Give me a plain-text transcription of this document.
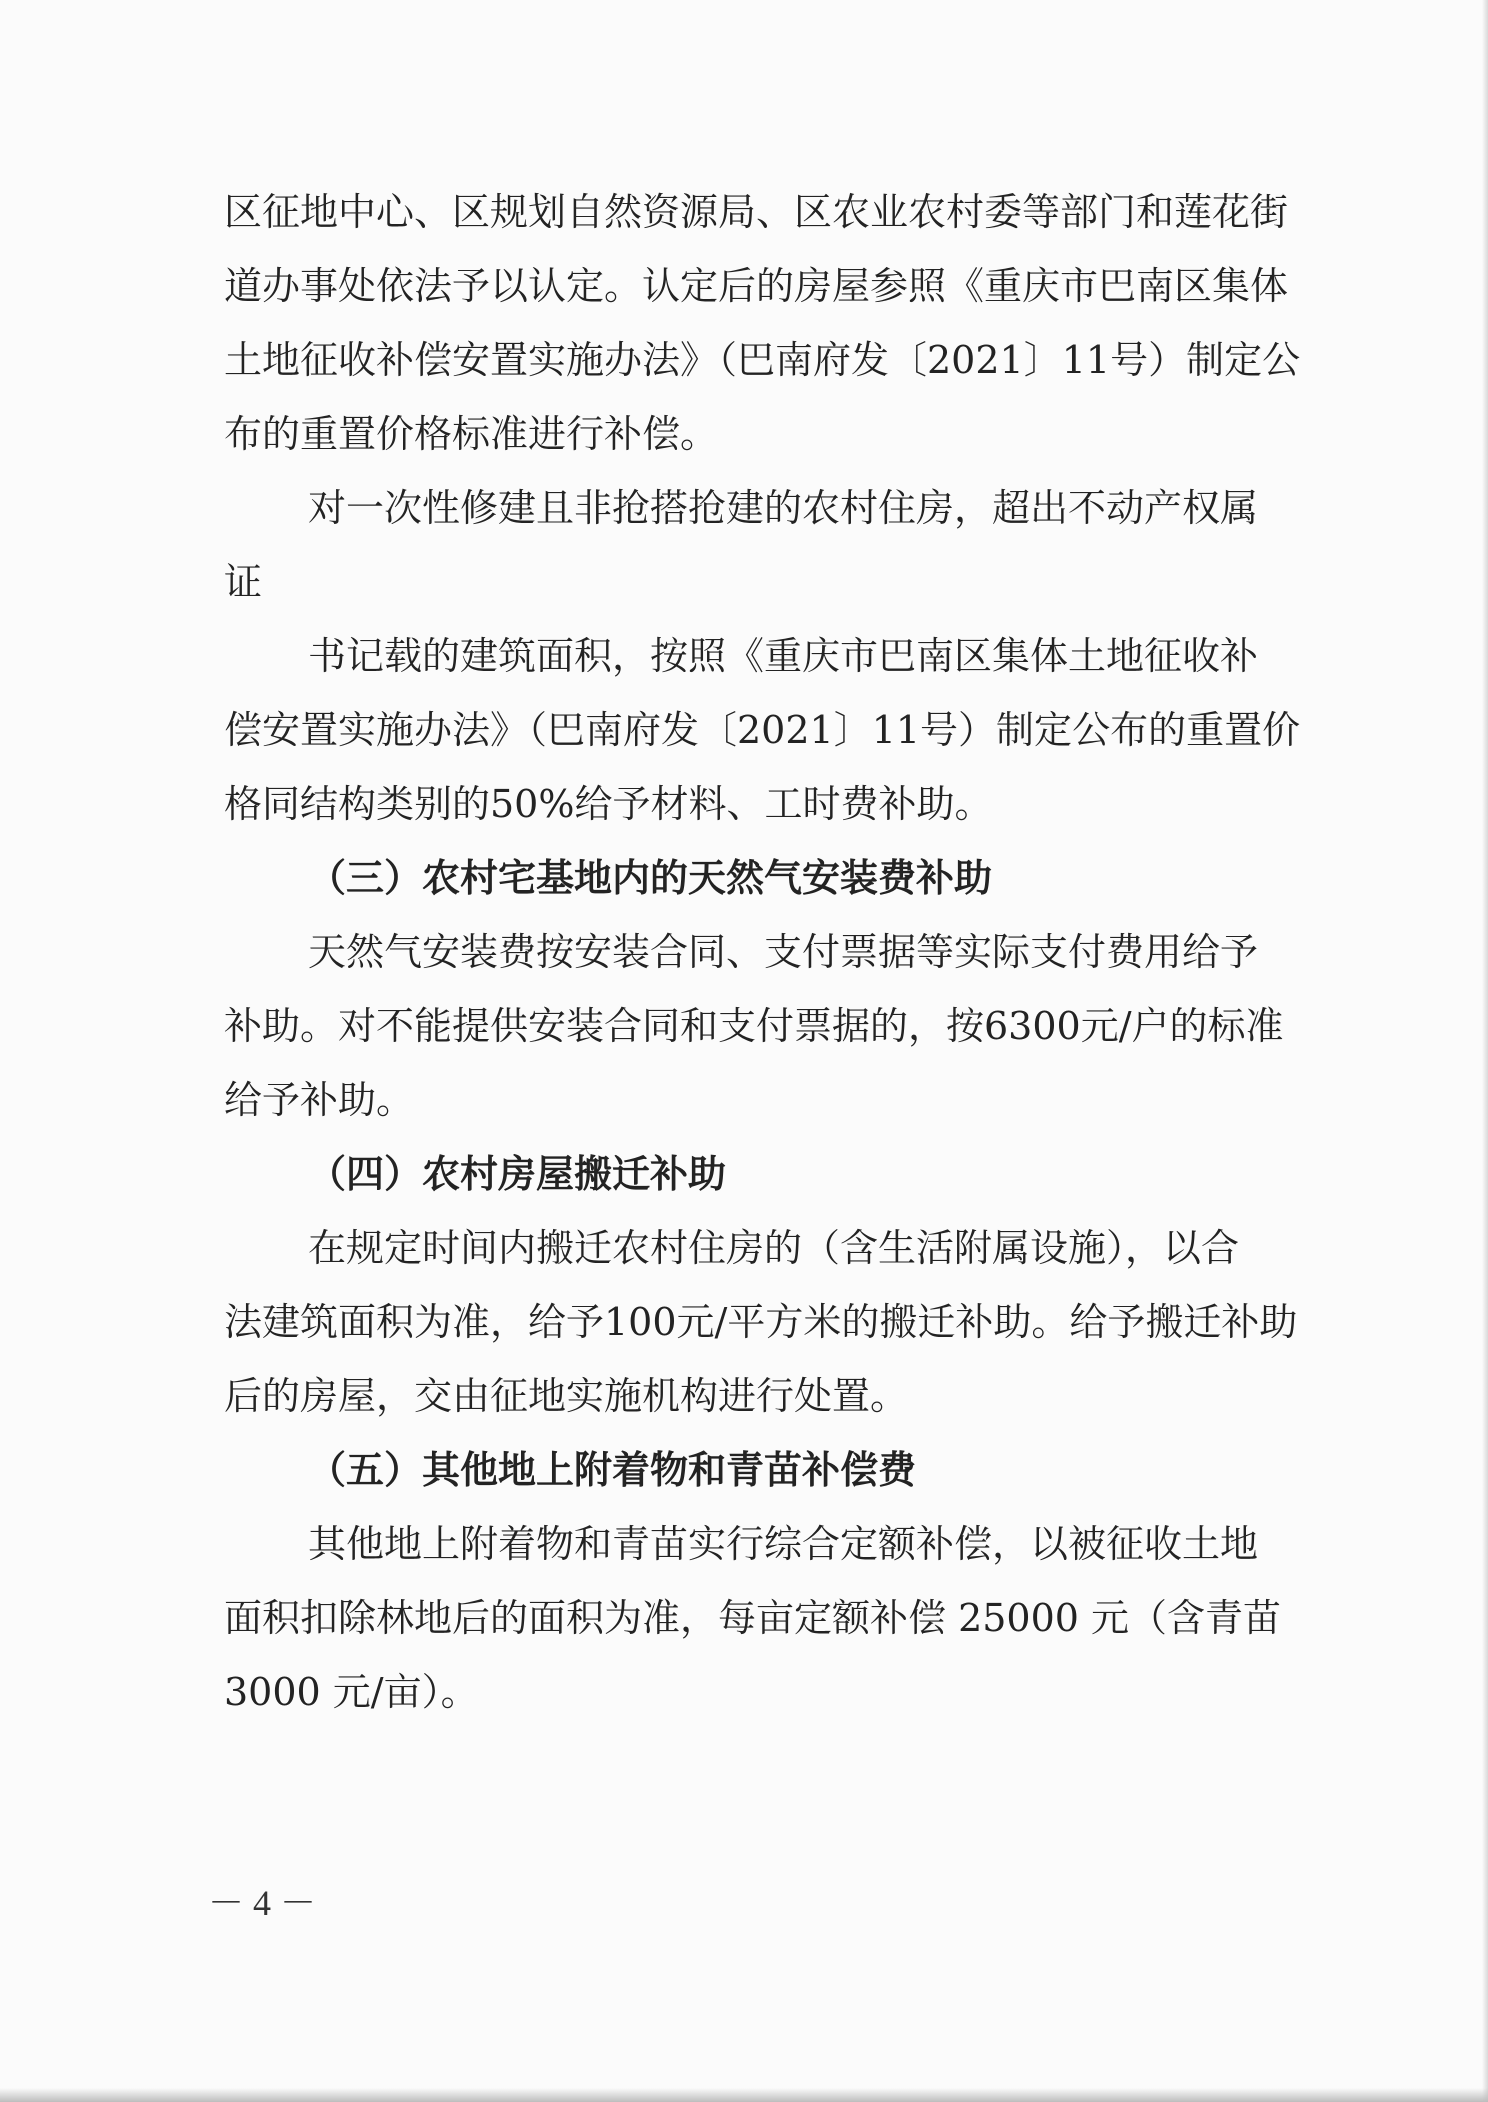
区征地中心、区规划自然资源局、区农业农村委等部门和莲花街

道办事处依法予以认定。认定后的房屋参照《重庆市巴南区集体

土地征收补偿安置实施办法》（巴南府发〔2021〕11号）制定公

布的重置价格标准进行补偿。

对一次性修建且非抢搭抢建的农村住房，超出不动产权属

证

书记载的建筑面积，按照《重庆市巴南区集体土地征收补

偿安置实施办法》（巴南府发〔2021〕11号）制定公布的重置价

格同结构类别的50%给予材料、工时费补助。

（三）农村宅基地内的天然气安装费补助

天然气安装费按安装合同、支付票据等实际支付费用给予

补助。对不能提供安装合同和支付票据的，按6300元/户的标准

给予补助。

（四）农村房屋搬迁补助

在规定时间内搬迁农村住房的（含生活附属设施），以合

法建筑面积为准，给予100元/平方米的搬迁补助。给予搬迁补助

后的房屋，交由征地实施机构进行处置。

（五）其他地上附着物和青苗补偿费

其他地上附着物和青苗实行综合定额补偿，以被征收土地

面积扣除林地后的面积为准，每亩定额补偿 25000 元（含青苗

3000 元/亩）。

－ 4 －
